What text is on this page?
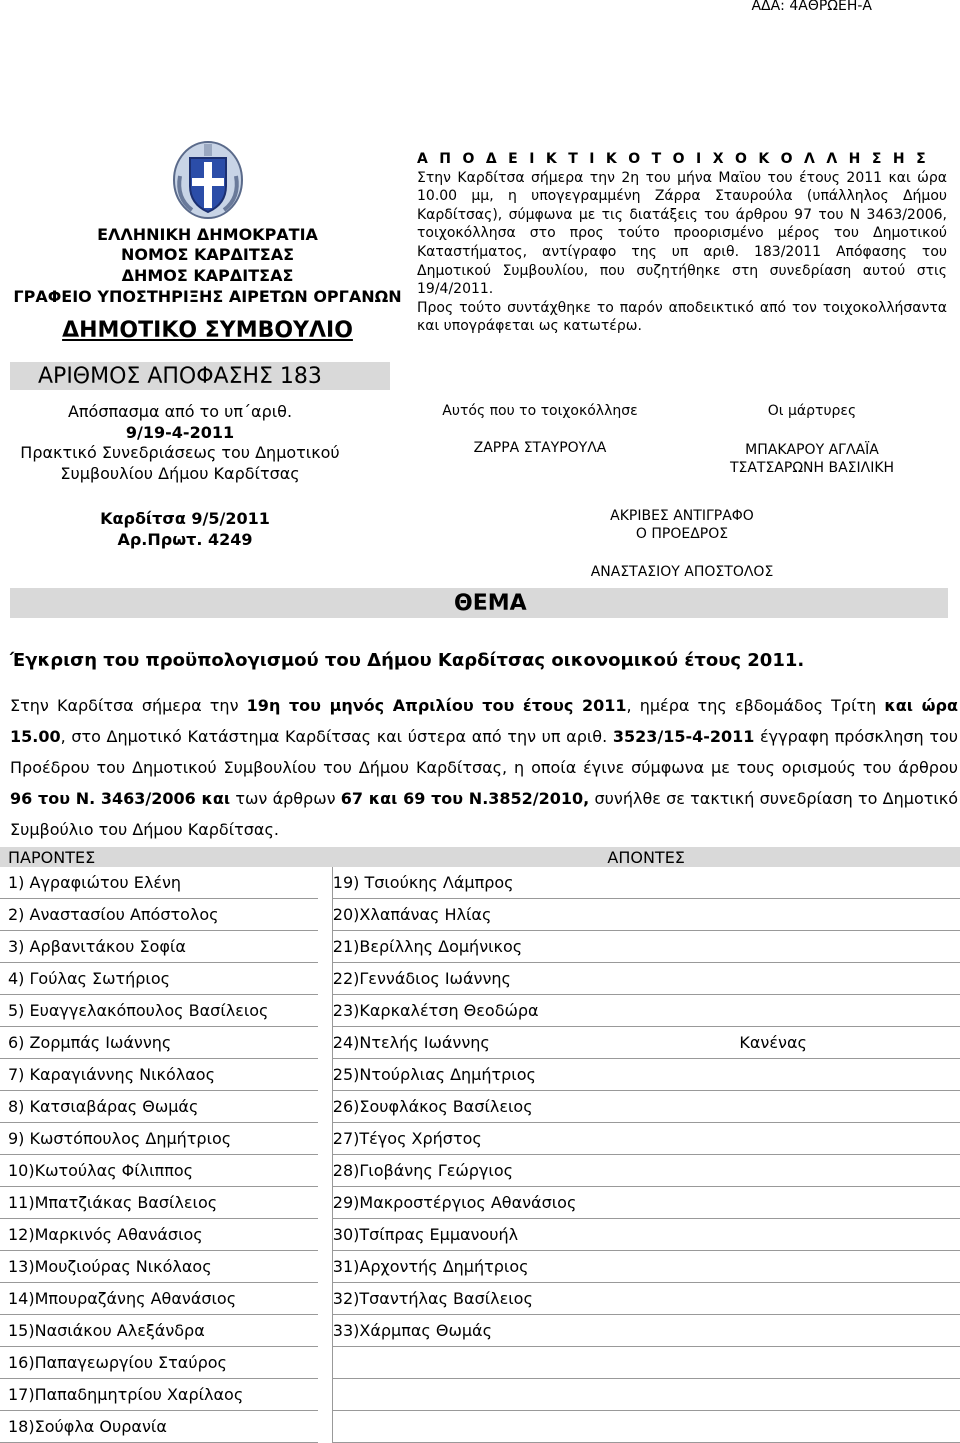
ΑΔΑ: 4ΑΘΡΩΕΗ-Α
ΕΛΛΗΝΙΚΗ ΔΗΜΟΚΡΑΤΙΑ
ΝΟΜΟΣ ΚΑΡΔΙΤΣΑΣ
ΔΗΜΟΣ ΚΑΡΔΙΤΣΑΣ
ΓΡΑΦΕΙΟ ΥΠΟΣΤΗΡΙΞΗΣ ΑΙΡΕΤΩΝ ΟΡΓΑΝΩΝ
ΔΗΜΟΤΙΚΟ ΣΥΜΒΟΥΛΙΟ
Α Π Ο Δ Ε Ι Κ Τ Ι Κ Ο Τ Ο Ι Χ Ο Κ Ο Λ Λ Η Σ Η Σ

Στην Καρδίτσα σήμερα την 2η του μήνα Μαϊου του έτους 2011 και ώρα 10.00 μμ, η υπογεγραμμένη Ζάρρα Σταυρούλα (υπάλληλος Δήμου Καρδίτσας), σύμφωνα με τις διατάξεις του άρθρου 97 του Ν 3463/2006, τοιχοκόλλησα στο προς τούτο προορισμένο μέρος του Δημοτικού Καταστήματος, αντίγραφο της υπ αριθ. 183/2011 Απόφασης του Δημοτικού Συμβουλίου, που συζητήθηκε στη συνεδρίαση αυτού στις 19/4/2011.

Προς τούτο συντάχθηκε το παρόν αποδεικτικό από τον τοιχοκολλήσαντα και υπογράφεται ως κατωτέρω.

ΑΡΙΘΜΟΣ ΑΠΟΦΑΣΗΣ 183
Απόσπασμα από το υπ΄αριθ.
9/19-4-2011
Πρακτικό Συνεδριάσεως του Δημοτικού
Συμβουλίου Δήμου Καρδίτσας
Καρδίτσα 9/5/2011
Αρ.Πρωτ. 4249
Αυτός που το τοιχοκόλλησε
ΖΑΡΡΑ ΣΤΑΥΡΟΥΛΑ
Οι μάρτυρες
ΜΠΑΚΑΡΟΥ ΑΓΛΑΪΑ
ΤΣΑΤΣΑΡΩΝΗ ΒΑΣΙΛΙΚΗ
ΑΚΡΙΒΕΣ ΑΝΤΙΓΡΑΦΟ
Ο ΠΡΟΕΔΡΟΣ
ΑΝΑΣΤΑΣΙΟΥ ΑΠΟΣΤΟΛΟΣ
ΘΕΜΑ
Έγκριση του προϋπολογισμού του Δήμου Καρδίτσας οικονομικού έτους 2011.
Στην Καρδίτσα σήμερα την 19η του μηνός Απριλίου του έτους 2011, ημέρα της εβδομάδος Τρίτη και ώρα 15.00, στο Δημοτικό Κατάστημα Καρδίτσας και ύστερα από την υπ αριθ. 3523/15-4-2011 έγγραφη πρόσκληση του Προέδρου του Δημοτικού Συμβουλίου του Δήμου Καρδίτσας, η οποία έγινε σύμφωνα με τους ορισμούς του άρθρου 96 του Ν. 3463/2006 και των άρθρων 67 και 69 του Ν.3852/2010, συνήλθε σε τακτική συνεδρίαση το Δημοτικό Συμβούλιο του Δήμου Καρδίτσας.
ΠΑΡΟΝΤΕΣ		ΑΠΟΝΤΕΣ	
1) Αγραφιώτου Ελένη		19) Τσιούκης Λάμπρος	
2) Αναστασίου Απόστολος		20)Χλαπάνας Ηλίας	
3) Αρβανιτάκου Σοφία		21)Βερίλλης Δομήνικος	
4) Γούλας Σωτήριος		22)Γεννάδιος Ιωάννης	
5) Ευαγγελακόπουλος Βασίλειος		23)Καρκαλέτση Θεοδώρα	
6) Ζορμπάς Ιωάννης		24)Ντελής Ιωάννης	Κανένας
7) Καραγιάννης Νικόλαος		25)Ντούρλιας Δημήτριος	
8) Κατσιαβάρας Θωμάς		26)Σουφλάκος Βασίλειος	
9) Κωστόπουλος Δημήτριος		27)Τέγος Χρήστος	
10)Κωτούλας Φίλιππος		28)Γιοβάνης Γεώργιος	
11)Μπατζιάκας Βασίλειος		29)Μακροστέργιος Αθανάσιος	
12)Μαρκινός Αθανάσιος		30)Τσίπρας Εμμανουήλ	
13)Μουζιούρας Νικόλαος		31)Αρχοντής Δημήτριος	
14)Μπουραζάνης Αθανάσιος		32)Τσαντήλας Βασίλειος	
15)Νασιάκου Αλεξάνδρα		33)Χάρμπας Θωμάς	
16)Παπαγεωργίου Σταύρος			
17)Παπαδημητρίου Χαρίλαος			
18)Σούφλα Ουρανία			
